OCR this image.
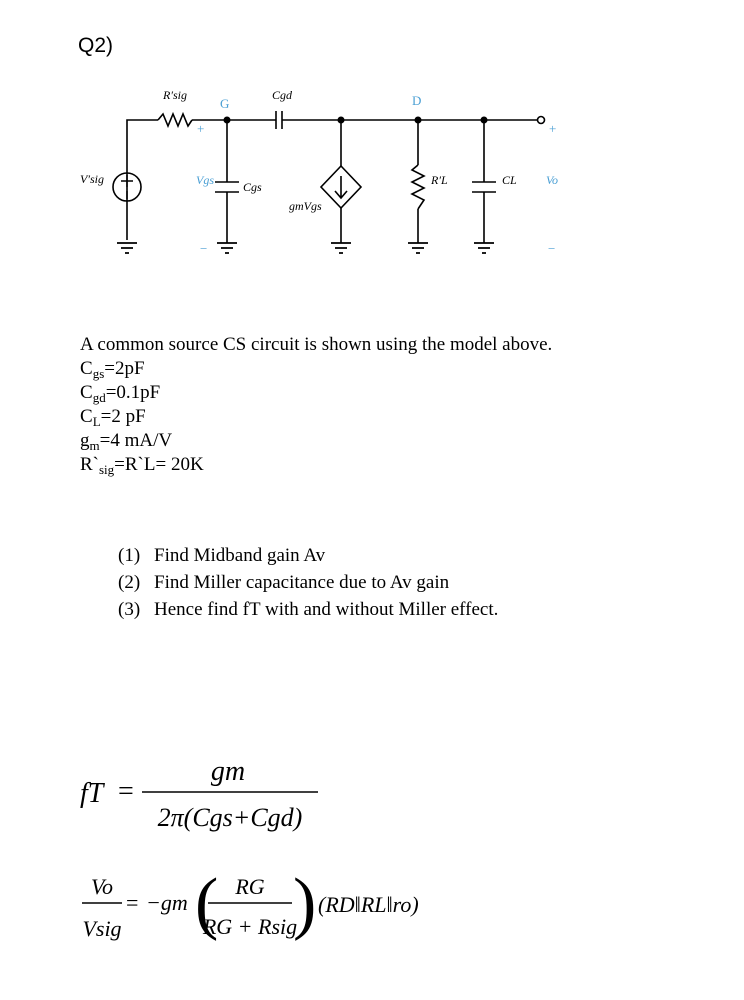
Q2)
V′sig
R′sig	Cgd
Cgs
gmVgs
R′L	CL
Vgs	Vo
G	D
+
−
+
−
A common source CS circuit is shown using the model above.
$C_{gs}=2pF$
$C_{gd}=0.1pF$
$C_L=2$ pF
$g_m=4$ mA/V
$R`_{sig}=R`L= 20K$
(1) Find Midband gain Av
(2) Find Miller capacitance due to Av gain
(3) Hence find fT with and without Miller effect.
fT =
gm
2π(Cgs+Cgd)
Vo
Vsig
= −gm ( RG
RG + Rsig
) (RD‖RL‖ro)
